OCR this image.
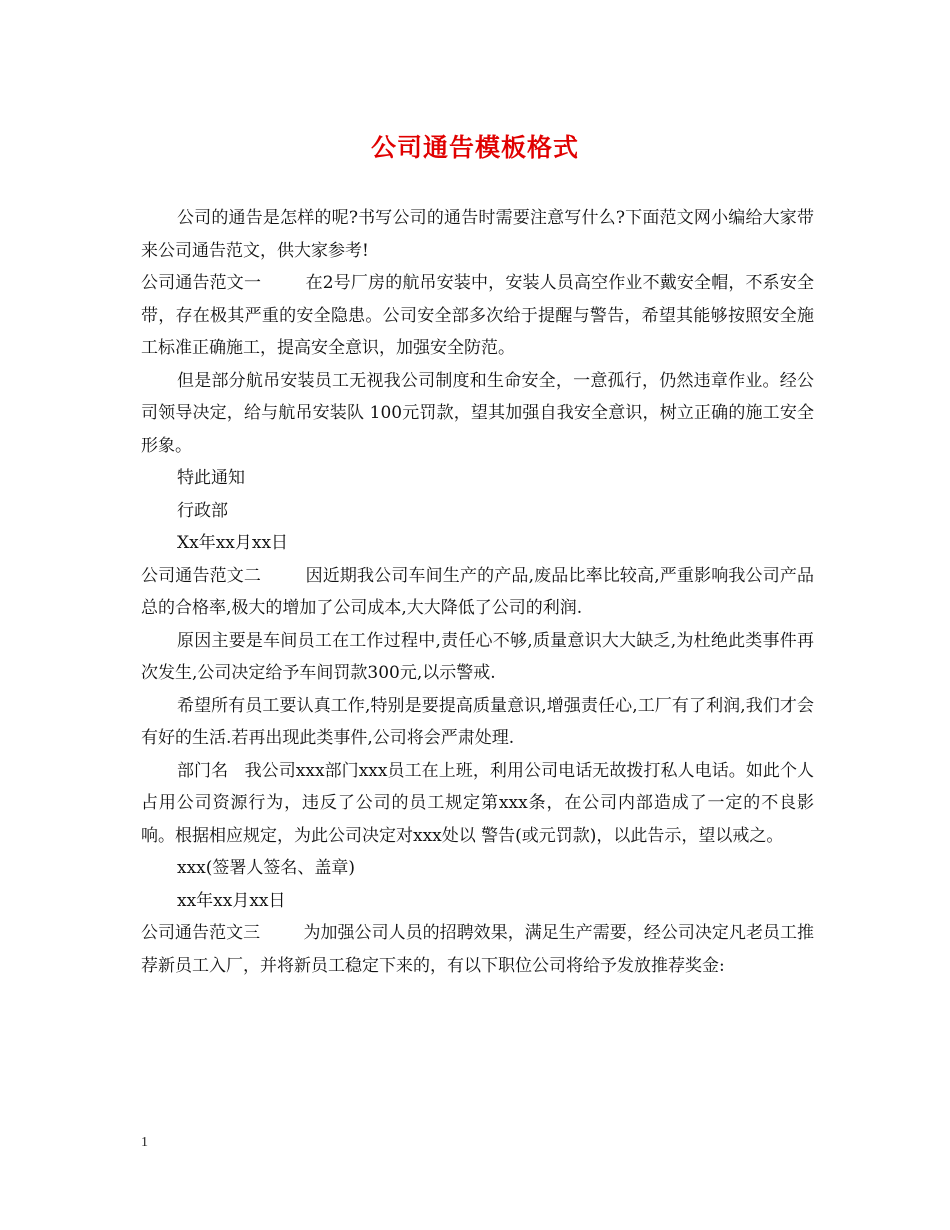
公司通告模板格式

公司的通告是怎样的呢?书写公司的通告时需要注意写什么?下面范文网小编给大家带来公司通告范文，供大家参考!

公司通告范文一	在2号厂房的航吊安装中，安装人员高空作业不戴安全帽，不系安全带，存在极其严重的安全隐患。公司安全部多次给于提醒与警告，希望其能够按照安全施工标准正确施工，提高安全意识，加强安全防范。

但是部分航吊安装员工无视我公司制度和生命安全，一意孤行，仍然违章作业。经公司领导决定，给与航吊安装队 100元罚款，望其加强自我安全意识，树立正确的施工安全形象。

特此通知

行政部

Xx年xx月xx日

公司通告范文二	因近期我公司车间生产的产品,废品比率比较高,严重影响我公司产品总的合格率,极大的增加了公司成本,大大降低了公司的利润.

原因主要是车间员工在工作过程中,责任心不够,质量意识大大缺乏,为杜绝此类事件再次发生,公司决定给予车间罚款300元,以示警戒.

希望所有员工要认真工作,特别是要提高质量意识,增强责任心,工厂有了利润,我们才会有好的生活.若再出现此类事件,公司将会严肃处理.

部门名 我公司xxx部门xxx员工在上班，利用公司电话无故拨打私人电话。如此个人占用公司资源行为，违反了公司的员工规定第xxx条，在公司内部造成了一定的不良影响。根据相应规定，为此公司决定对xxx处以 警告(或元罚款)，以此告示，望以戒之。

xxx(签署人签名、盖章)

xx年xx月xx日

公司通告范文三	为加强公司人员的招聘效果，满足生产需要，经公司决定凡老员工推荐新员工入厂，并将新员工稳定下来的，有以下职位公司将给予发放推荐奖金:

1
